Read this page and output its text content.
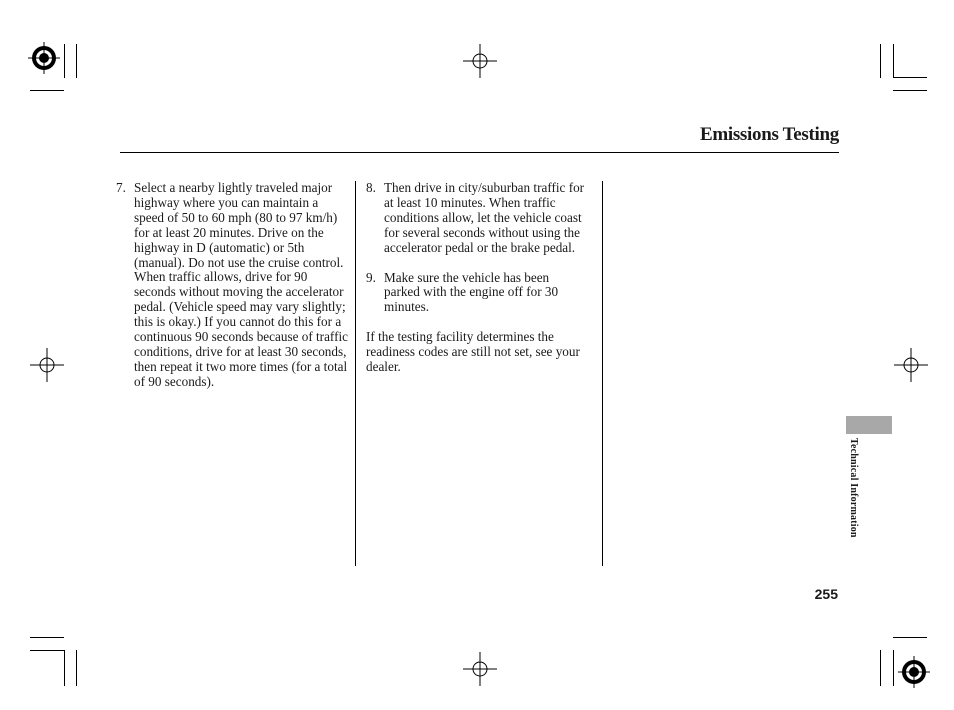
Emissions Testing
7. Select a nearby lightly traveled major highway where you can maintain a speed of 50 to 60 mph (80 to 97 km/h) for at least 20 minutes. Drive on the highway in D (automatic) or 5th (manual). Do not use the cruise control. When traffic allows, drive for 90 seconds without moving the accelerator pedal. (Vehicle speed may vary slightly; this is okay.) If you cannot do this for a continuous 90 seconds because of traffic conditions, drive for at least 30 seconds, then repeat it two more times (for a total of 90 seconds).
8. Then drive in city/suburban traffic for at least 10 minutes. When traffic conditions allow, let the vehicle coast for several seconds without using the accelerator pedal or the brake pedal.
9. Make sure the vehicle has been parked with the engine off for 30 minutes.

If the testing facility determines the readiness codes are still not set, see your dealer.

Technical Information
255
